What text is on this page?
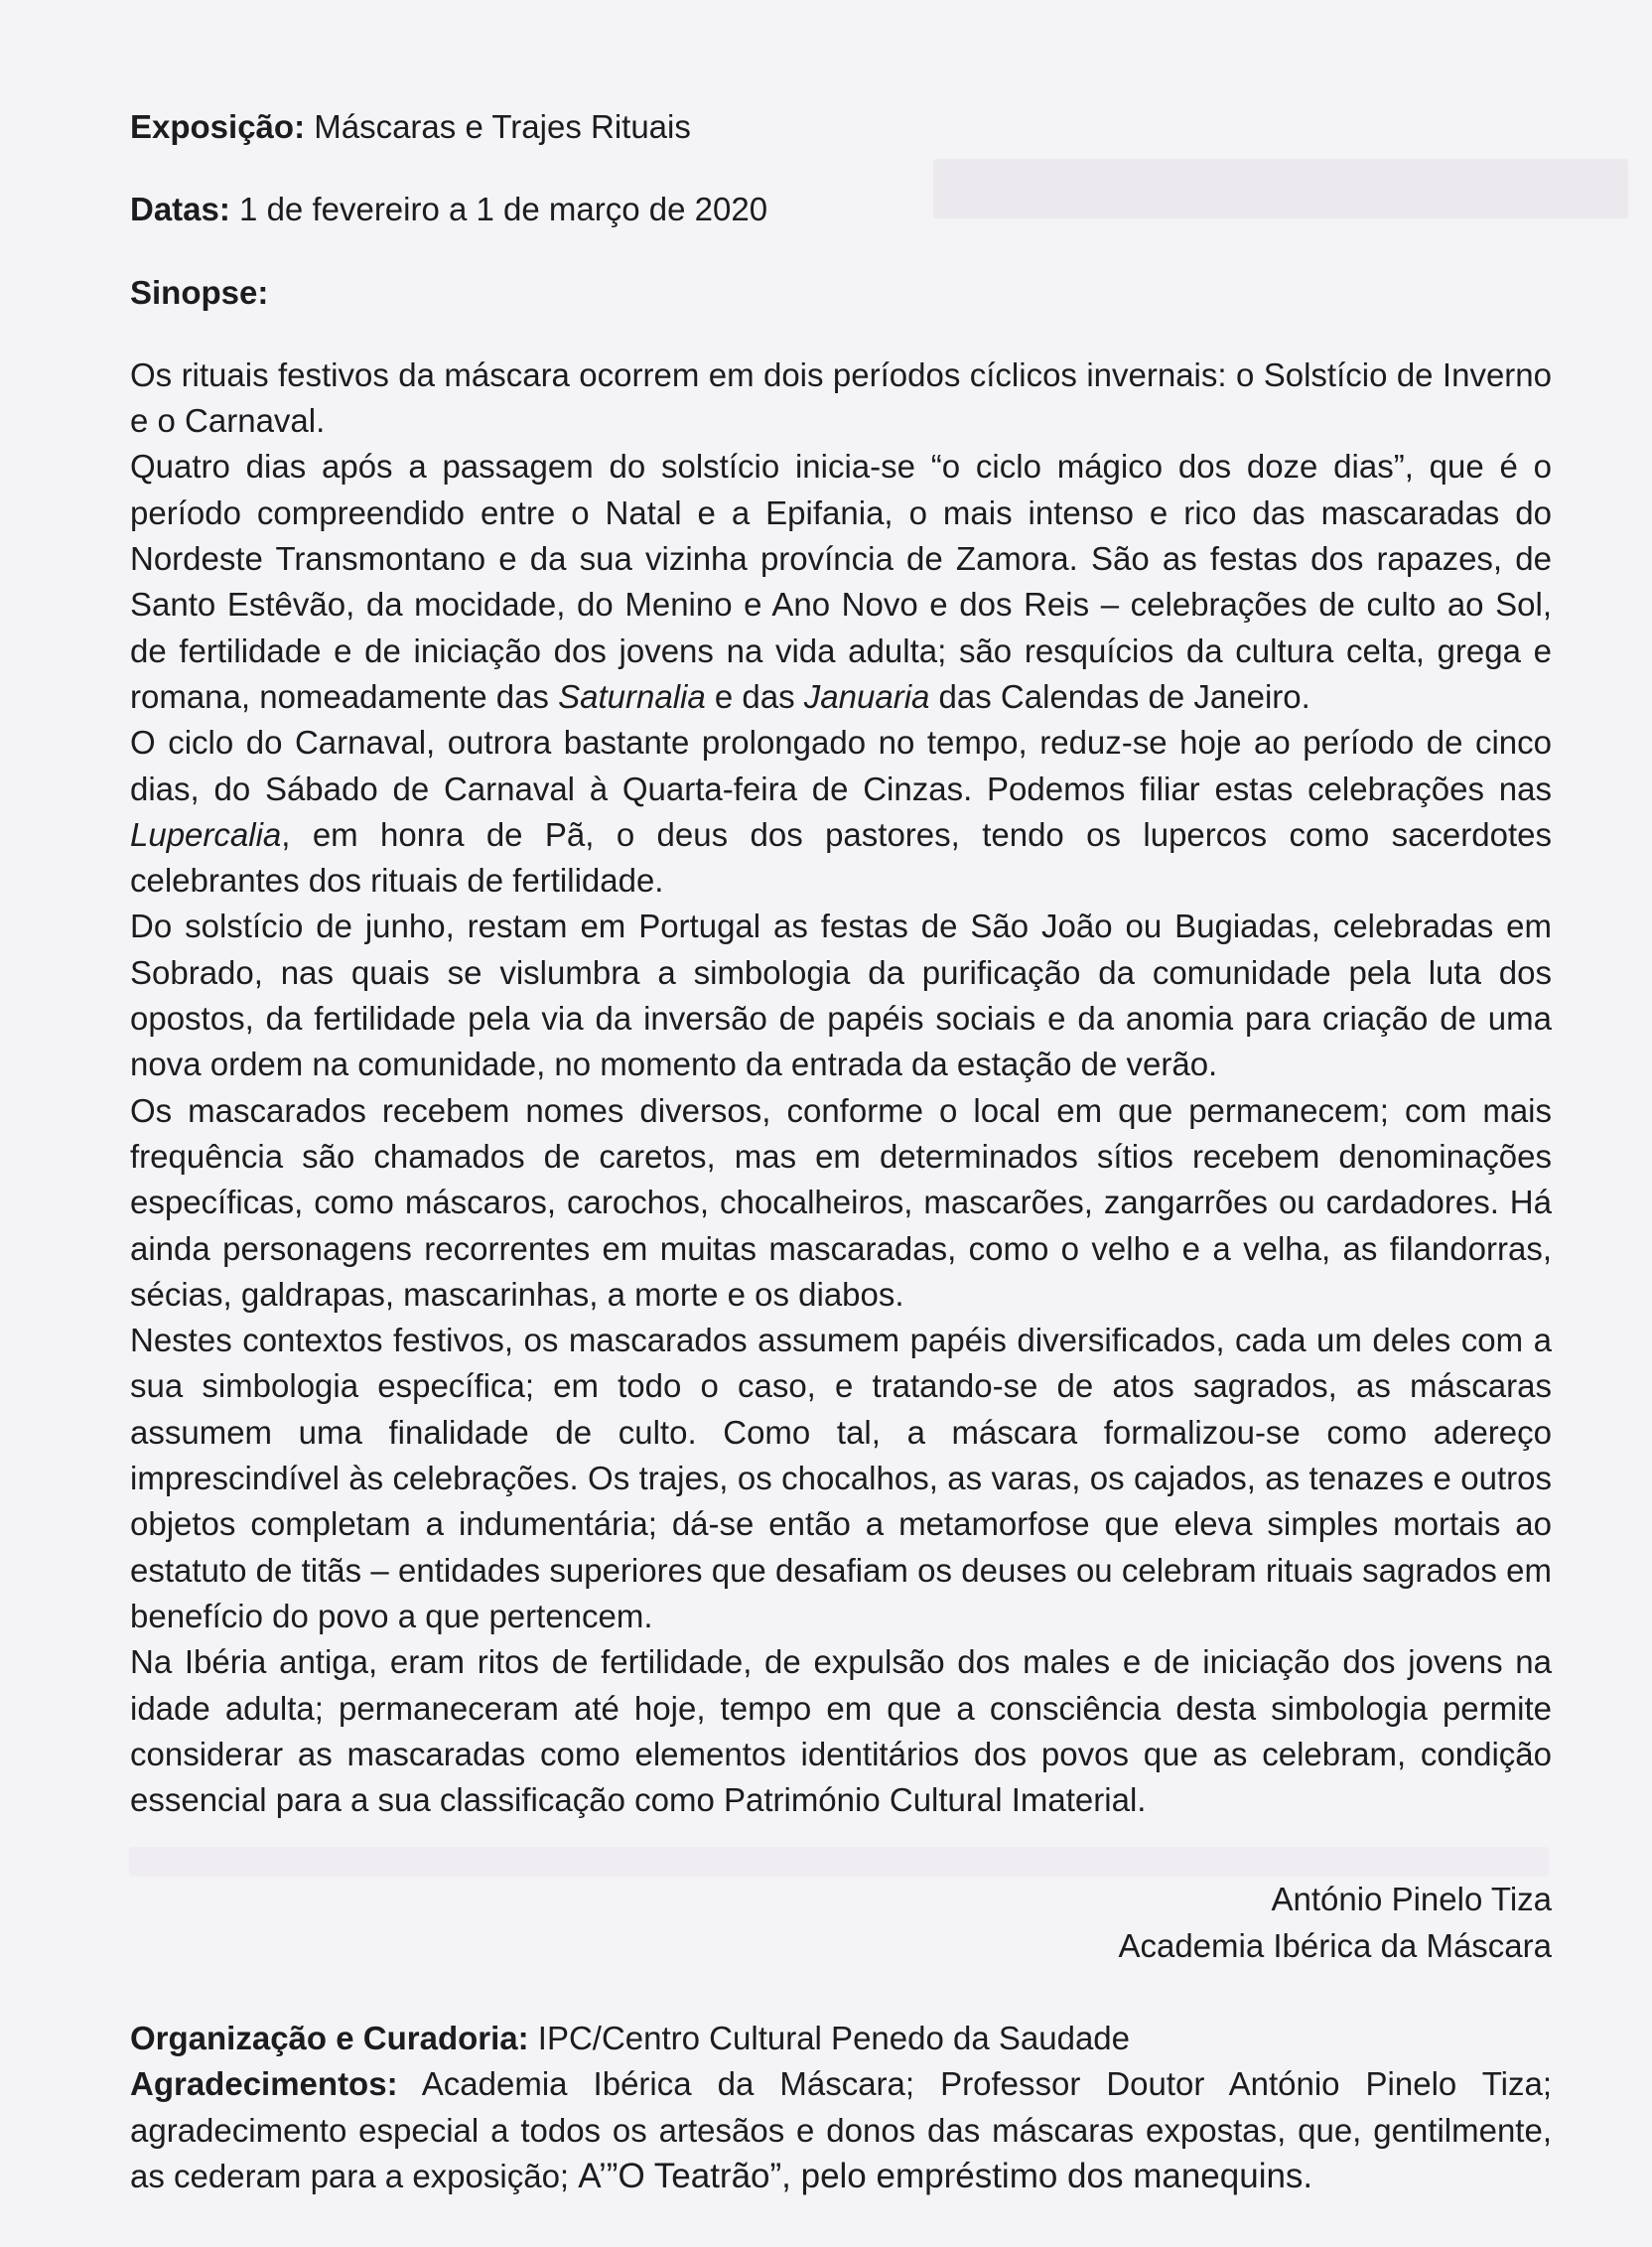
Exposição: Máscaras e Trajes Rituais

Datas: 1 de fevereiro a 1 de março de 2020

Sinopse:

Os rituais festivos da máscara ocorrem em dois períodos cíclicos invernais: o Solstício de Inverno e o Carnaval.

Quatro dias após a passagem do solstício inicia-se “o ciclo mágico dos doze dias”, que é o período compreendido entre o Natal e a Epifania, o mais intenso e rico das mascaradas do Nordeste Transmontano e da sua vizinha província de Zamora. São as festas dos rapazes, de Santo Estêvão, da mocidade, do Menino e Ano Novo e dos Reis – celebrações de culto ao Sol, de fertilidade e de iniciação dos jovens na vida adulta; são resquícios da cultura celta, grega e romana, nomeadamente das Saturnalia e das Januaria das Calendas de Janeiro.

O ciclo do Carnaval, outrora bastante prolongado no tempo, reduz-se hoje ao período de cinco dias, do Sábado de Carnaval à Quarta-feira de Cinzas. Podemos filiar estas celebrações nas Lupercalia, em honra de Pã, o deus dos pastores, tendo os lupercos como sacerdotes celebrantes dos rituais de fertilidade.

Do solstício de junho, restam em Portugal as festas de São João ou Bugiadas, celebradas em Sobrado, nas quais se vislumbra a simbologia da purificação da comunidade pela luta dos opostos, da fertilidade pela via da inversão de papéis sociais e da anomia para criação de uma nova ordem na comunidade, no momento da entrada da estação de verão.

Os mascarados recebem nomes diversos, conforme o local em que permanecem; com mais frequência são chamados de caretos, mas em determinados sítios recebem denominações específicas, como máscaros, carochos, chocalheiros, mascarões, zangarrões ou cardadores. Há ainda personagens recorrentes em muitas mascaradas, como o velho e a velha, as filandorras, sécias, galdrapas, mascarinhas, a morte e os diabos.

Nestes contextos festivos, os mascarados assumem papéis diversificados, cada um deles com a sua simbologia específica; em todo o caso, e tratando-se de atos sagrados, as máscaras assumem uma finalidade de culto. Como tal, a máscara formalizou-se como adereço imprescindível às celebrações. Os trajes, os chocalhos, as varas, os cajados, as tenazes e outros objetos completam a indumentária; dá-se então a metamorfose que eleva simples mortais ao estatuto de titãs – entidades superiores que desafiam os deuses ou celebram rituais sagrados em benefício do povo a que pertencem.

Na Ibéria antiga, eram ritos de fertilidade, de expulsão dos males e de iniciação dos jovens na idade adulta; permaneceram até hoje, tempo em que a consciência desta simbologia permite considerar as mascaradas como elementos identitários dos povos que as celebram, condição essencial para a sua classificação como Património Cultural Imaterial.

António Pinelo Tiza
Academia Ibérica da Máscara

Organização e Curadoria: IPC/Centro Cultural Penedo da Saudade

Agradecimentos: Academia Ibérica da Máscara; Professor Doutor António Pinelo Tiza; agradecimento especial a todos os artesãos e donos das máscaras expostas, que, gentilmente, as cederam para a exposição; A’”O Teatrão”, pelo empréstimo dos manequins.
